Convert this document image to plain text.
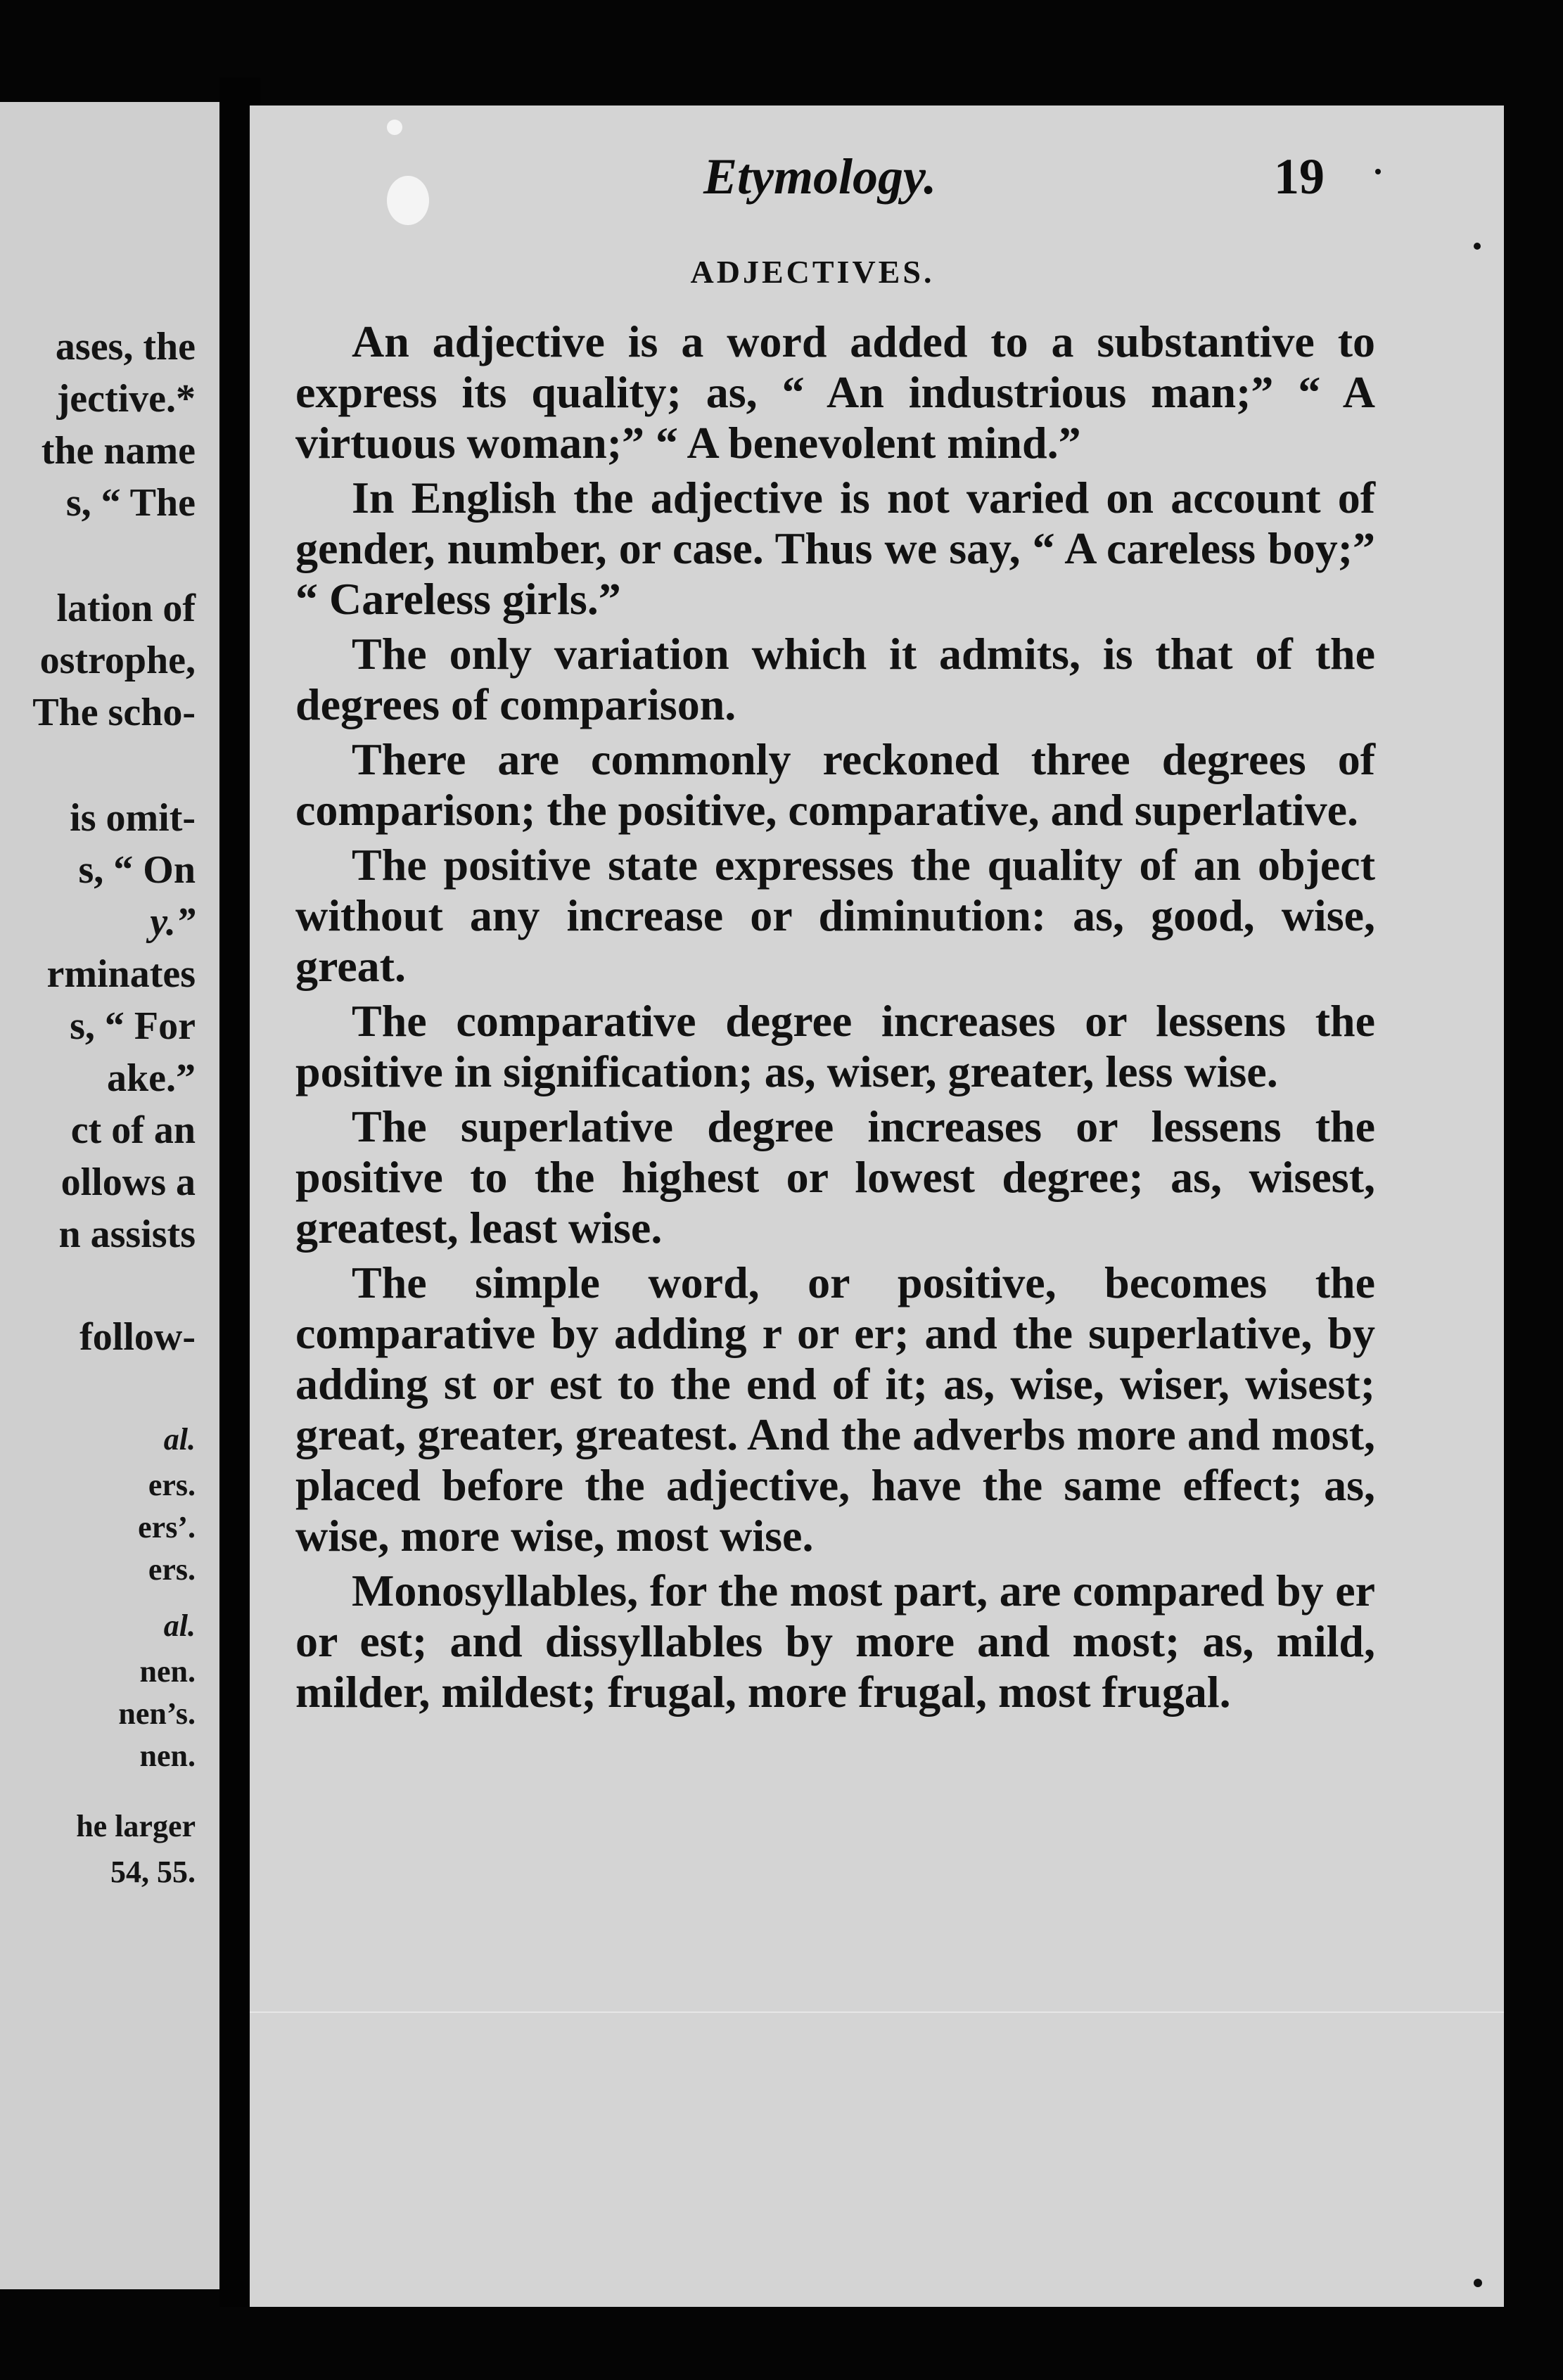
ases, the
jective.*
the name
s, “ The
lation of
ostrophe,
The scho-
is omit-
s, “ On
y.”
rminates
s, “ For
ake.”
ct of an
ollows a
n assists
follow-
al.
ers.
ers’.
ers.
al.
nen.
nen’s.
nen.
he larger
54, 55.
Etymology.	19
ADJECTIVES.

An adjective is a word added to a substantive to express its quality; as, “ An industrious man;” “ A virtuous woman;” “ A benevolent mind.”

In English the adjective is not varied on account of gender, number, or case. Thus we say, “ A careless boy;” “ Careless girls.”

The only variation which it admits, is that of the degrees of comparison.

There are commonly reckoned three degrees of comparison; the positive, comparative, and superlative.

The positive state expresses the quality of an object without any increase or diminution: as, good, wise, great.

The comparative degree increases or lessens the positive in signification; as, wiser, greater, less wise.

The superlative degree increases or lessens the positive to the highest or lowest degree; as, wisest, greatest, least wise.

The simple word, or positive, becomes the comparative by adding r or er; and the superlative, by adding st or est to the end of it; as, wise, wiser, wisest; great, greater, greatest. And the adverbs more and most, placed before the adjective, have the same effect; as, wise, more wise, most wise.

Monosyllables, for the most part, are compared by er or est; and dissyllables by more and most; as, mild, milder, mildest; frugal, more frugal, most frugal.
